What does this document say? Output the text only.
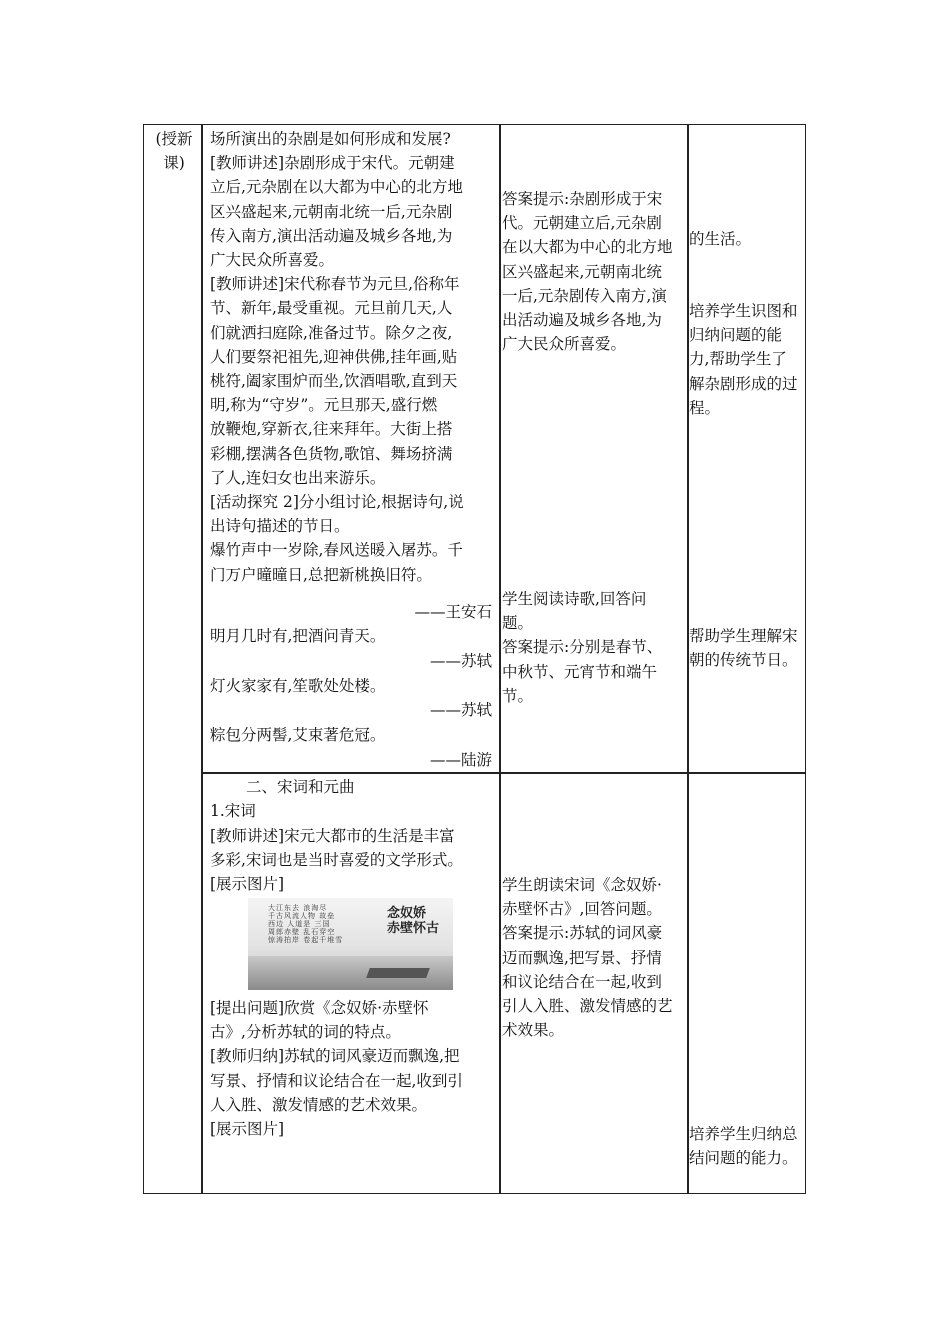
(授新课)
场所演出的杂剧是如何形成和发展?
[教师讲述]杂剧形成于宋代。元朝建
立后,元杂剧在以大都为中心的北方地
区兴盛起来,元朝南北统一后,元杂剧
传入南方,演出活动遍及城乡各地,为
广大民众所喜爱。
[教师讲述]宋代称春节为元旦,俗称年
节、新年,最受重视。元旦前几天,人
们就洒扫庭除,准备过节。除夕之夜,
人们要祭祀祖先,迎神供佛,挂年画,贴
桃符,阖家围炉而坐,饮酒唱歌,直到天
明,称为“守岁”。元旦那天,盛行燃
放鞭炮,穿新衣,往来拜年。大街上搭
彩棚,摆满各色货物,歌馆、舞场挤满
了人,连妇女也出来游乐。
[活动探究 2]分小组讨论,根据诗句,说
出诗句描述的节日。
爆竹声中一岁除,春风送暖入屠苏。千
门万户曈曈日,总把新桃换旧符。
——王安石
明月几时有,把酒问青天。
——苏轼
灯火家家有,笙歌处处楼。
——苏轼
粽包分两髻,艾束著危冠。
——陆游
答案提示:杂剧形成于宋
代。元朝建立后,元杂剧
在以大都为中心的北方地
区兴盛起来,元朝南北统
一后,元杂剧传入南方,演
出活动遍及城乡各地,为
广大民众所喜爱。
学生阅读诗歌,回答问
题。
答案提示:分别是春节、
中秋节、元宵节和端午
节。
的生活。
培养学生识图和
归纳问题的能
力,帮助学生了
解杂剧形成的过
程。
帮助学生理解宋
朝的传统节日。
二、宋词和元曲
1.宋词
[教师讲述]宋元大都市的生活是丰富
多彩,宋词也是当时喜爱的文学形式。
[展示图片]
大江东去 浪淘尽
千古风流人物 故垒
西边 人道是 三国
周郎赤壁 乱石穿空
惊涛拍岸 卷起千堆雪
念奴娇
赤壁怀古
[提出问题]欣赏《念奴娇·赤壁怀
古》,分析苏轼的词的特点。
[教师归纳]苏轼的词风豪迈而飘逸,把
写景、抒情和议论结合在一起,收到引
人入胜、激发情感的艺术效果。
[展示图片]
学生朗读宋词《念奴娇·
赤壁怀古》,回答问题。
答案提示:苏轼的词风豪
迈而飘逸,把写景、抒情
和议论结合在一起,收到
引人入胜、激发情感的艺
术效果。
培养学生归纳总
结问题的能力。
